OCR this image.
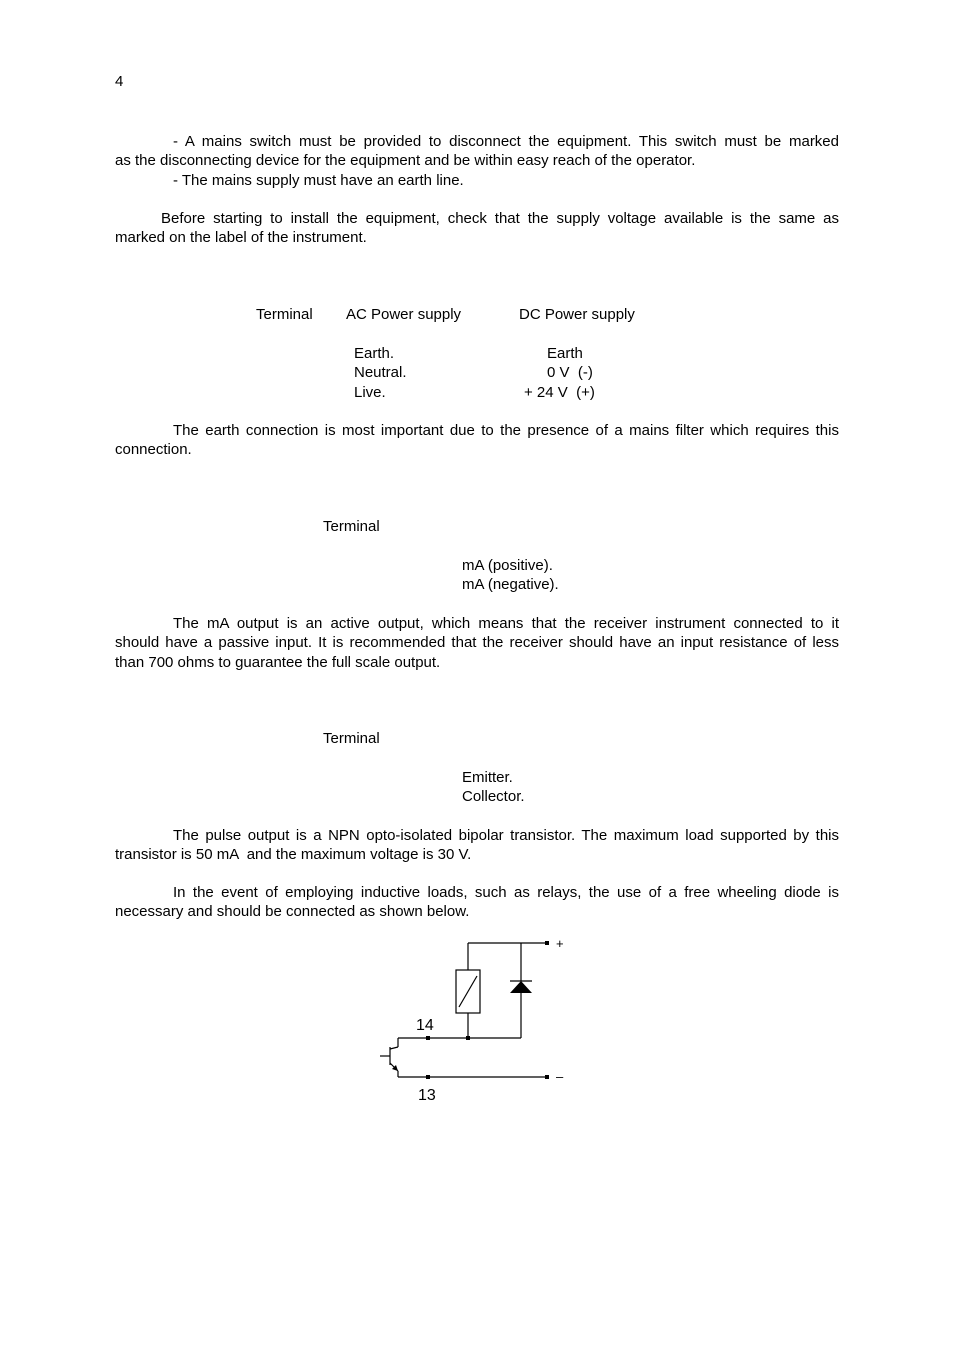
4

- A mains switch must be provided to disconnect the equipment. This switch must be marked

as the disconnecting device for the equipment and be within easy reach of the operator.

- The mains supply must have an earth line.

Before starting to install the equipment, check that the supply voltage available is the same as

marked on the label of the instrument.

Terminal AC Power supply	DC Power supply
Earth.
Neutral.
Live.
Earth
0 V  (-)
+ 24 V  (+)

The earth connection is most important due to the presence of a mains filter which requires this

connection.

Terminal
mA (positive).
mA (negative).

The mA output is an active output, which means that the receiver instrument connected to it

should have a passive input. It is recommended that the receiver should have an input resistance of less

than 700 ohms to guarantee the full scale output.

Terminal
Emitter.
Collector.

The pulse output is a NPN opto-isolated bipolar transistor. The maximum load supported by this

transistor is 50 mA  and the maximum voltage is 30 V.

In the event of employing inductive loads, such as relays, the use of a free wheeling diode is

necessary and should be connected as shown below.

+
–
14
13
